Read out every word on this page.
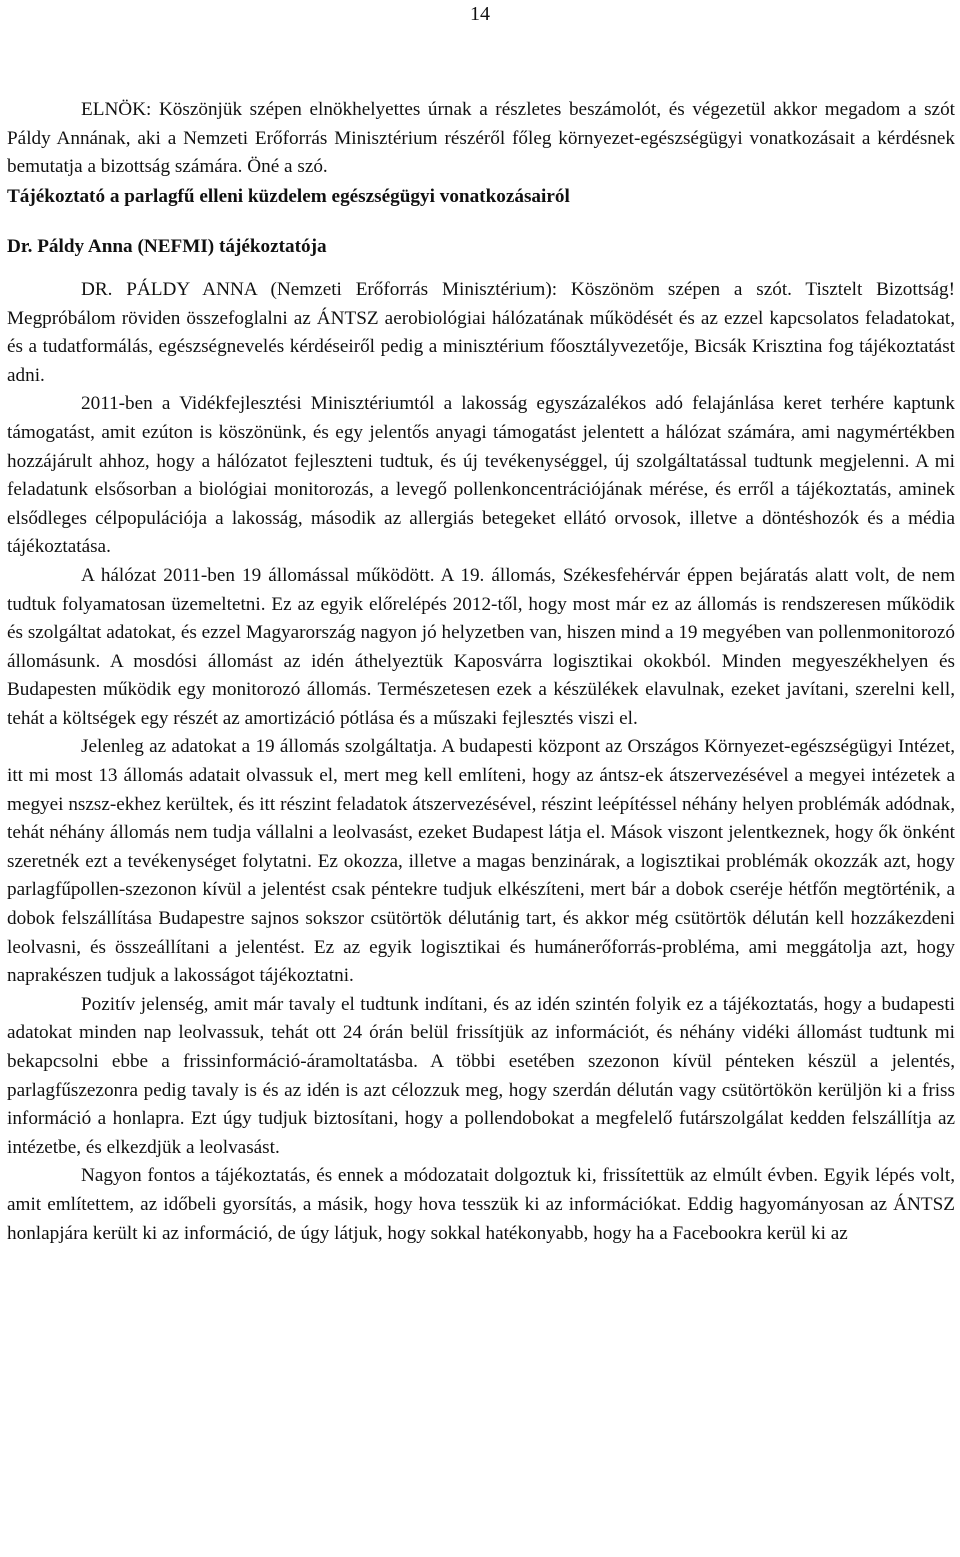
14

ELNÖK: Köszönjük szépen elnökhelyettes úrnak a részletes beszámolót, és végezetül akkor megadom a szót Páldy Annának, aki a Nemzeti Erőforrás Minisztérium részéről főleg környezet-egészségügyi vonatkozásait a kérdésnek bemutatja a bizottság számára. Öné a szó.

Tájékoztató a parlagfű elleni küzdelem egészségügyi vonatkozásairól

Dr. Páldy Anna (NEFMI) tájékoztatója

DR. PÁLDY ANNA (Nemzeti Erőforrás Minisztérium): Köszönöm szépen a szót. Tisztelt Bizottság! Megpróbálom röviden összefoglalni az ÁNTSZ aerobiológiai hálózatának működését és az ezzel kapcsolatos feladatokat, és a tudatformálás, egészségnevelés kérdéseiről pedig a minisztérium főosztályvezetője, Bicsák Krisztina fog tájékoztatást adni.

2011-ben a Vidékfejlesztési Minisztériumtól a lakosság egyszázalékos adó felajánlása keret terhére kaptunk támogatást, amit ezúton is köszönünk, és egy jelentős anyagi támogatást jelentett a hálózat számára, ami nagymértékben hozzájárult ahhoz, hogy a hálózatot fejleszteni tudtuk, és új tevékenységgel, új szolgáltatással tudtunk megjelenni. A mi feladatunk elsősorban a biológiai monitorozás, a levegő pollenkoncentrációjának mérése, és erről a tájékoztatás, aminek elsődleges célpopulációja a lakosság, második az allergiás betegeket ellátó orvosok, illetve a döntéshozók és a média tájékoztatása.

A hálózat 2011-ben 19 állomással működött. A 19. állomás, Székesfehérvár éppen bejáratás alatt volt, de nem tudtuk folyamatosan üzemeltetni. Ez az egyik előrelépés 2012-től, hogy most már ez az állomás is rendszeresen működik és szolgáltat adatokat, és ezzel Magyarország nagyon jó helyzetben van, hiszen mind a 19 megyében van pollenmonitorozó állomásunk. A mosdósi állomást az idén áthelyeztük Kaposvárra logisztikai okokból. Minden megyeszékhelyen és Budapesten működik egy monitorozó állomás. Természetesen ezek a készülékek elavulnak, ezeket javítani, szerelni kell, tehát a költségek egy részét az amortizáció pótlása és a műszaki fejlesztés viszi el.

Jelenleg az adatokat a 19 állomás szolgáltatja. A budapesti központ az Országos Környezet-egészségügyi Intézet, itt mi most 13 állomás adatait olvassuk el, mert meg kell említeni, hogy az ántsz-ek átszervezésével a megyei intézetek a megyei nszsz-ekhez kerültek, és itt részint feladatok átszervezésével, részint leépítéssel néhány helyen problémák adódnak, tehát néhány állomás nem tudja vállalni a leolvasást, ezeket Budapest látja el. Mások viszont jelentkeznek, hogy ők önként szeretnék ezt a tevékenységet folytatni. Ez okozza, illetve a magas benzinárak, a logisztikai problémák okozzák azt, hogy parlagfűpollen-szezonon kívül a jelentést csak péntekre tudjuk elkészíteni, mert bár a dobok cseréje hétfőn megtörténik, a dobok felszállítása Budapestre sajnos sokszor csütörtök délutánig tart, és akkor még csütörtök délután kell hozzákezdeni leolvasni, és összeállítani a jelentést. Ez az egyik logisztikai és humánerőforrás-probléma, ami meggátolja azt, hogy naprakészen tudjuk a lakosságot tájékoztatni.

Pozitív jelenség, amit már tavaly el tudtunk indítani, és az idén szintén folyik ez a tájékoztatás, hogy a budapesti adatokat minden nap leolvassuk, tehát ott 24 órán belül frissítjük az információt, és néhány vidéki állomást tudtunk mi bekapcsolni ebbe a frissinformáció-áramoltatásba. A többi esetében szezonon kívül pénteken készül a jelentés, parlagfűszezonra pedig tavaly is és az idén is azt célozzuk meg, hogy szerdán délután vagy csütörtökön kerüljön ki a friss információ a honlapra. Ezt úgy tudjuk biztosítani, hogy a pollendobokat a megfelelő futárszolgálat kedden felszállítja az intézetbe, és elkezdjük a leolvasást.

Nagyon fontos a tájékoztatás, és ennek a módozatait dolgoztuk ki, frissítettük az elmúlt évben. Egyik lépés volt, amit említettem, az időbeli gyorsítás, a másik, hogy hova tesszük ki az információkat. Eddig hagyományosan az ÁNTSZ honlapjára került ki az információ, de úgy látjuk, hogy sokkal hatékonyabb, hogy ha a Facebookra kerül ki az
